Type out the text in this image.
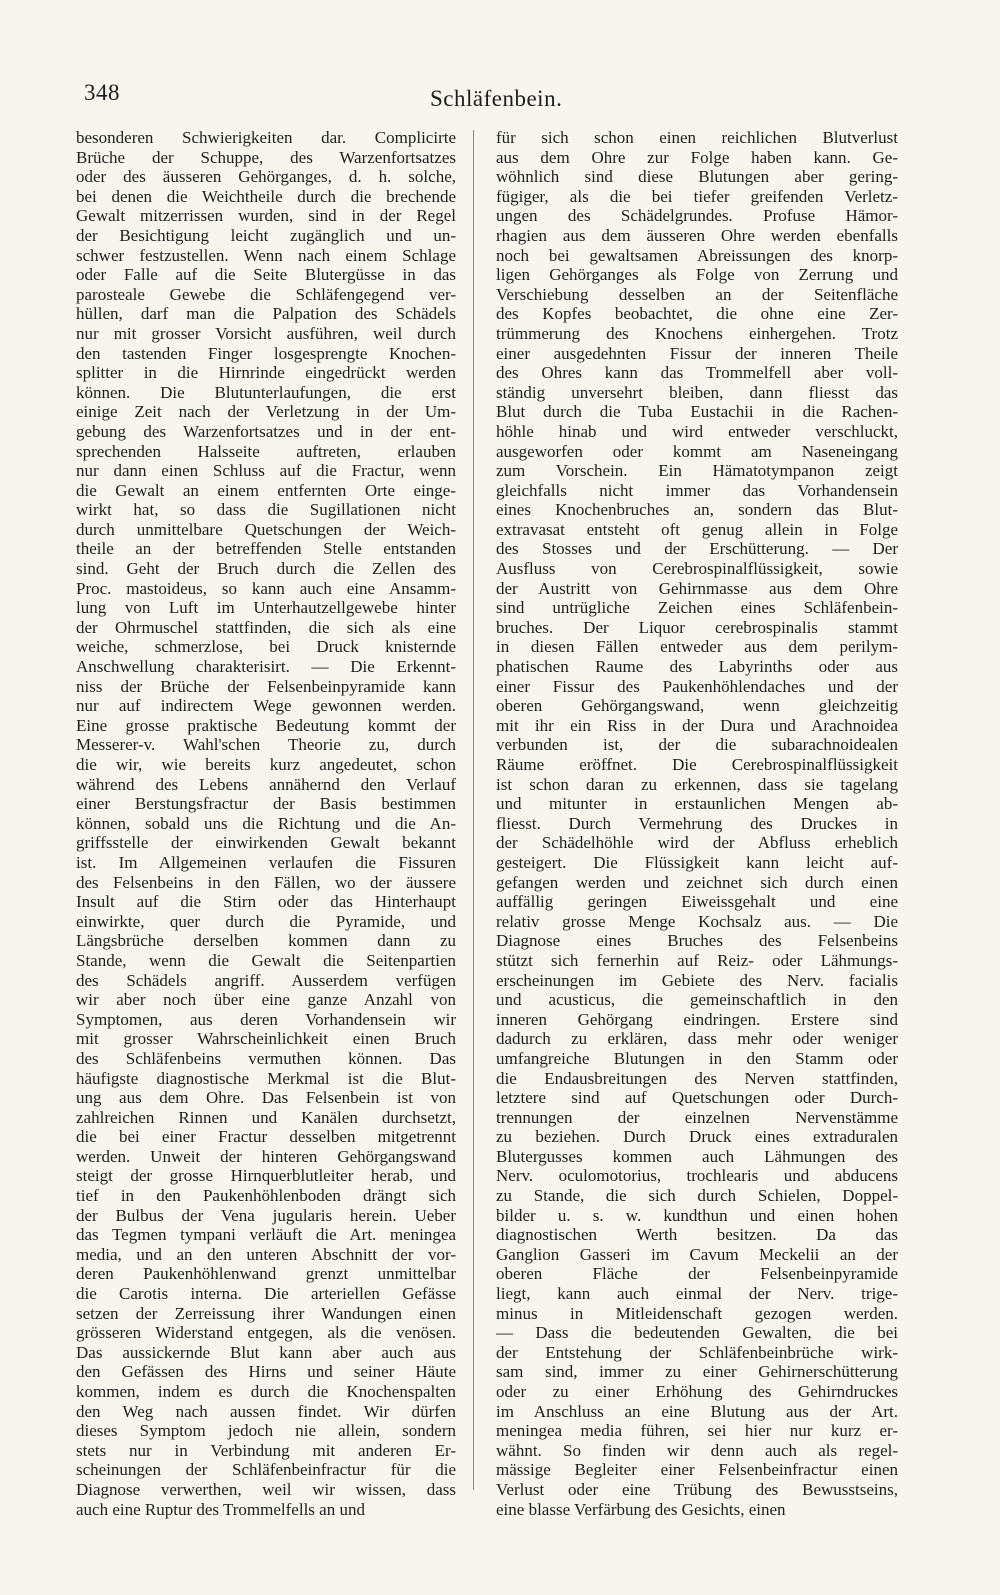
348	Schläfenbein.
besonderen Schwierigkeiten dar. Complicirte
Brüche der Schuppe, des Warzenfortsatzes
oder des äusseren Gehörganges, d. h. solche,
bei denen die Weichtheile durch die brechende
Gewalt mitzerrissen wurden, sind in der Regel
der Besichtigung leicht zugänglich und un-
schwer festzustellen. Wenn nach einem Schlage
oder Falle auf die Seite Blutergüsse in das
parosteale Gewebe die Schläfengegend ver-
hüllen, darf man die Palpation des Schädels
nur mit grosser Vorsicht ausführen, weil durch
den tastenden Finger losgesprengte Knochen-
splitter in die Hirnrinde eingedrückt werden
können. Die Blutunterlaufungen, die erst
einige Zeit nach der Verletzung in der Um-
gebung des Warzenfortsatzes und in der ent-
sprechenden Halsseite auftreten, erlauben
nur dann einen Schluss auf die Fractur, wenn
die Gewalt an einem entfernten Orte einge-
wirkt hat, so dass die Sugillationen nicht
durch unmittelbare Quetschungen der Weich-
theile an der betreffenden Stelle entstanden
sind. Geht der Bruch durch die Zellen des
Proc. mastoideus, so kann auch eine Ansamm-
lung von Luft im Unterhautzellgewebe hinter
der Ohrmuschel stattfinden, die sich als eine
weiche, schmerzlose, bei Druck knisternde
Anschwellung charakterisirt. — Die Erkennt-
niss der Brüche der Felsenbeinpyramide kann
nur auf indirectem Wege gewonnen werden.
Eine grosse praktische Bedeutung kommt der
Messerer-v. Wahl'schen Theorie zu, durch
die wir, wie bereits kurz angedeutet, schon
während des Lebens annähernd den Verlauf
einer Berstungsfractur der Basis bestimmen
können, sobald uns die Richtung und die An-
griffsstelle der einwirkenden Gewalt bekannt
ist. Im Allgemeinen verlaufen die Fissuren
des Felsenbeins in den Fällen, wo der äussere
Insult auf die Stirn oder das Hinterhaupt
einwirkte, quer durch die Pyramide, und
Längsbrüche derselben kommen dann zu
Stande, wenn die Gewalt die Seitenpartien
des Schädels angriff. Ausserdem verfügen
wir aber noch über eine ganze Anzahl von
Symptomen, aus deren Vorhandensein wir
mit grosser Wahrscheinlichkeit einen Bruch
des Schläfenbeins vermuthen können. Das
häufigste diagnostische Merkmal ist die Blut-
ung aus dem Ohre. Das Felsenbein ist von
zahlreichen Rinnen und Kanälen durchsetzt,
die bei einer Fractur desselben mitgetrennt
werden. Unweit der hinteren Gehörgangswand
steigt der grosse Hirnquerblutleiter herab, und
tief in den Paukenhöhlenboden drängt sich
der Bulbus der Vena jugularis herein. Ueber
das Tegmen tympani verläuft die Art. meningea
media, und an den unteren Abschnitt der vor-
deren Paukenhöhlenwand grenzt unmittelbar
die Carotis interna. Die arteriellen Gefässe
setzen der Zerreissung ihrer Wandungen einen
grösseren Widerstand entgegen, als die venösen.
Das aussickernde Blut kann aber auch aus
den Gefässen des Hirns und seiner Häute
kommen, indem es durch die Knochenspalten
den Weg nach aussen findet. Wir dürfen
dieses Symptom jedoch nie allein, sondern
stets nur in Verbindung mit anderen Er-
scheinungen der Schläfenbeinfractur für die
Diagnose verwerthen, weil wir wissen, dass
auch eine Ruptur des Trommelfells an und
für sich schon einen reichlichen Blutverlust
aus dem Ohre zur Folge haben kann. Ge-
wöhnlich sind diese Blutungen aber gering-
fügiger, als die bei tiefer greifenden Verletz-
ungen des Schädelgrundes. Profuse Hämor-
rhagien aus dem äusseren Ohre werden ebenfalls
noch bei gewaltsamen Abreissungen des knorp-
ligen Gehörganges als Folge von Zerrung und
Verschiebung desselben an der Seitenfläche
des Kopfes beobachtet, die ohne eine Zer-
trümmerung des Knochens einhergehen. Trotz
einer ausgedehnten Fissur der inneren Theile
des Ohres kann das Trommelfell aber voll-
ständig unversehrt bleiben, dann fliesst das
Blut durch die Tuba Eustachii in die Rachen-
höhle hinab und wird entweder verschluckt,
ausgeworfen oder kommt am Naseneingang
zum Vorschein. Ein Hämatotympanon zeigt
gleichfalls nicht immer das Vorhandensein
eines Knochenbruches an, sondern das Blut-
extravasat entsteht oft genug allein in Folge
des Stosses und der Erschütterung. — Der
Ausfluss von Cerebrospinalflüssigkeit, sowie
der Austritt von Gehirnmasse aus dem Ohre
sind untrügliche Zeichen eines Schläfenbein-
bruches. Der Liquor cerebrospinalis stammt
in diesen Fällen entweder aus dem perilym-
phatischen Raume des Labyrinths oder aus
einer Fissur des Paukenhöhlendaches und der
oberen Gehörgangswand, wenn gleichzeitig
mit ihr ein Riss in der Dura und Arachnoidea
verbunden ist, der die subarachnoidealen
Räume eröffnet. Die Cerebrospinalflüssigkeit
ist schon daran zu erkennen, dass sie tagelang
und mitunter in erstaunlichen Mengen ab-
fliesst. Durch Vermehrung des Druckes in
der Schädelhöhle wird der Abfluss erheblich
gesteigert. Die Flüssigkeit kann leicht auf-
gefangen werden und zeichnet sich durch einen
auffällig geringen Eiweissgehalt und eine
relativ grosse Menge Kochsalz aus. — Die
Diagnose eines Bruches des Felsenbeins
stützt sich fernerhin auf Reiz- oder Lähmungs-
erscheinungen im Gebiete des Nerv. facialis
und acusticus, die gemeinschaftlich in den
inneren Gehörgang eindringen. Erstere sind
dadurch zu erklären, dass mehr oder weniger
umfangreiche Blutungen in den Stamm oder
die Endausbreitungen des Nerven stattfinden,
letztere sind auf Quetschungen oder Durch-
trennungen der einzelnen Nervenstämme
zu beziehen. Durch Druck eines extraduralen
Blutergusses kommen auch Lähmungen des
Nerv. oculomotorius, trochlearis und abducens
zu Stande, die sich durch Schielen, Doppel-
bilder u. s. w. kundthun und einen hohen
diagnostischen Werth besitzen. Da das
Ganglion Gasseri im Cavum Meckelii an der
oberen Fläche der Felsenbeinpyramide
liegt, kann auch einmal der Nerv. trige-
minus in Mitleidenschaft gezogen werden.
— Dass die bedeutenden Gewalten, die bei
der Entstehung der Schläfenbeinbrüche wirk-
sam sind, immer zu einer Gehirnerschütterung
oder zu einer Erhöhung des Gehirndruckes
im Anschluss an eine Blutung aus der Art.
meningea media führen, sei hier nur kurz er-
wähnt. So finden wir denn auch als regel-
mässige Begleiter einer Felsenbeinfractur einen
Verlust oder eine Trübung des Bewusstseins,
eine blasse Verfärbung des Gesichts, einen
